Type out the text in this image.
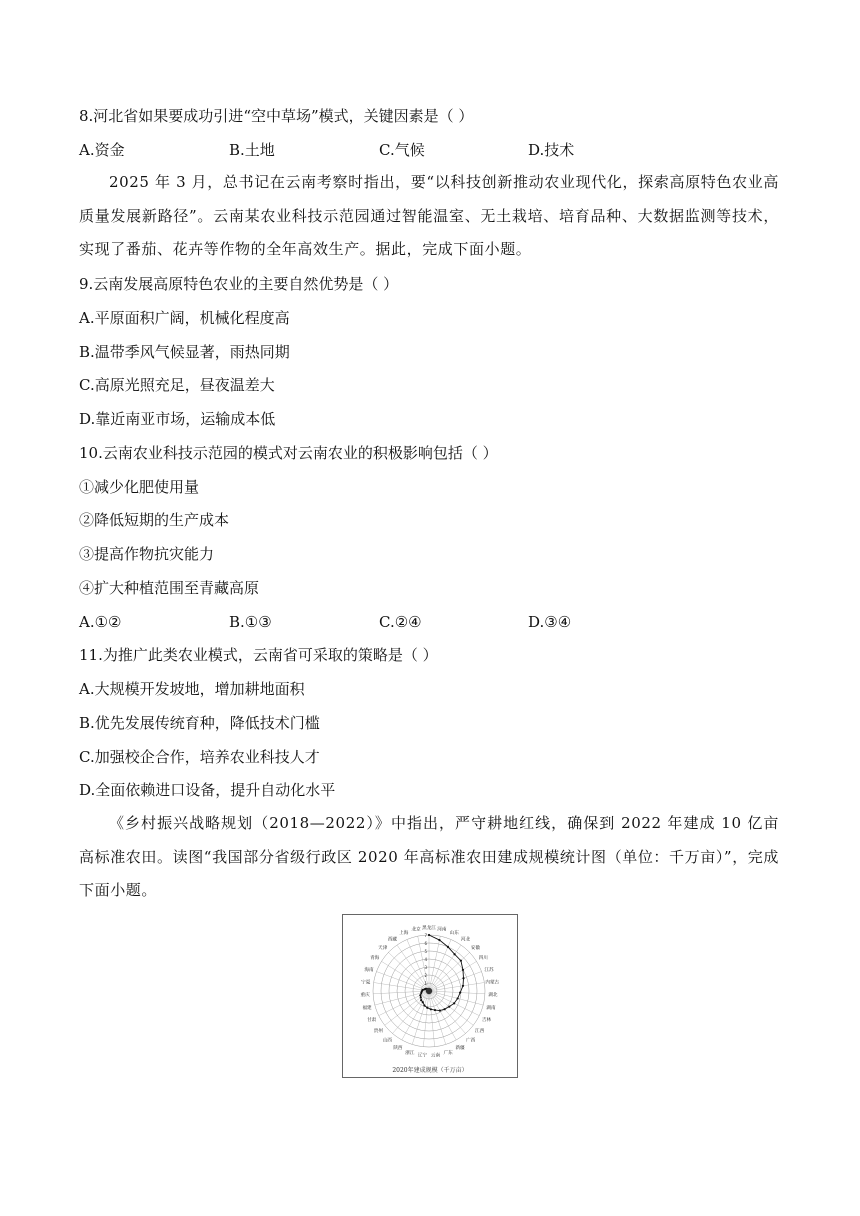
8.河北省如果要成功引进“空中草场”模式，关键因素是（ ）
A.资金	B.土地	C.气候	D.技术
2025 年 3 月，总书记在云南考察时指出，要“以科技创新推动农业现代化，探索高原特色农业高质量发展新路径”。云南某农业科技示范园通过智能温室、无土栽培、培育品种、大数据监测等技术，实现了番茄、花卉等作物的全年高效生产。据此，完成下面小题。
9.云南发展高原特色农业的主要自然优势是（ ）
A.平原面积广阔，机械化程度高
B.温带季风气候显著，雨热同期
C.高原光照充足，昼夜温差大
D.靠近南亚市场，运输成本低
10.云南农业科技示范园的模式对云南农业的积极影响包括（ ）
①减少化肥使用量
②降低短期的生产成本
③提高作物抗灾能力
④扩大种植范围至青藏高原
A.①②	B.①③	C.②④	D.③④
11.为推广此类农业模式，云南省可采取的策略是（ ）
A.大规模开发坡地，增加耕地面积
B.优先发展传统育种，降低技术门槛
C.加强校企合作，培养农业科技人才
D.全面依赖进口设备，提升自动化水平
《乡村振兴战略规划（2018—2022）》中指出，严守耕地红线，确保到 2022 年建成 10 亿亩高标准农田。读图“我国部分省级行政区 2020 年高标准农田建成规模统计图（单位：千万亩）”，完成下面小题。
1
2
3
4
5
6
7
黑龙江 河南
山东
河北
安徽
四川
江苏
内蒙古
湖北
湖南
吉林
江西
广西
新疆
广东
云南
辽宁
浙江
陕西
山西
贵州
甘肃
福建
重庆
宁夏
海南
青海
天津
西藏
上海
北京
2020年建成规模（千万亩）
